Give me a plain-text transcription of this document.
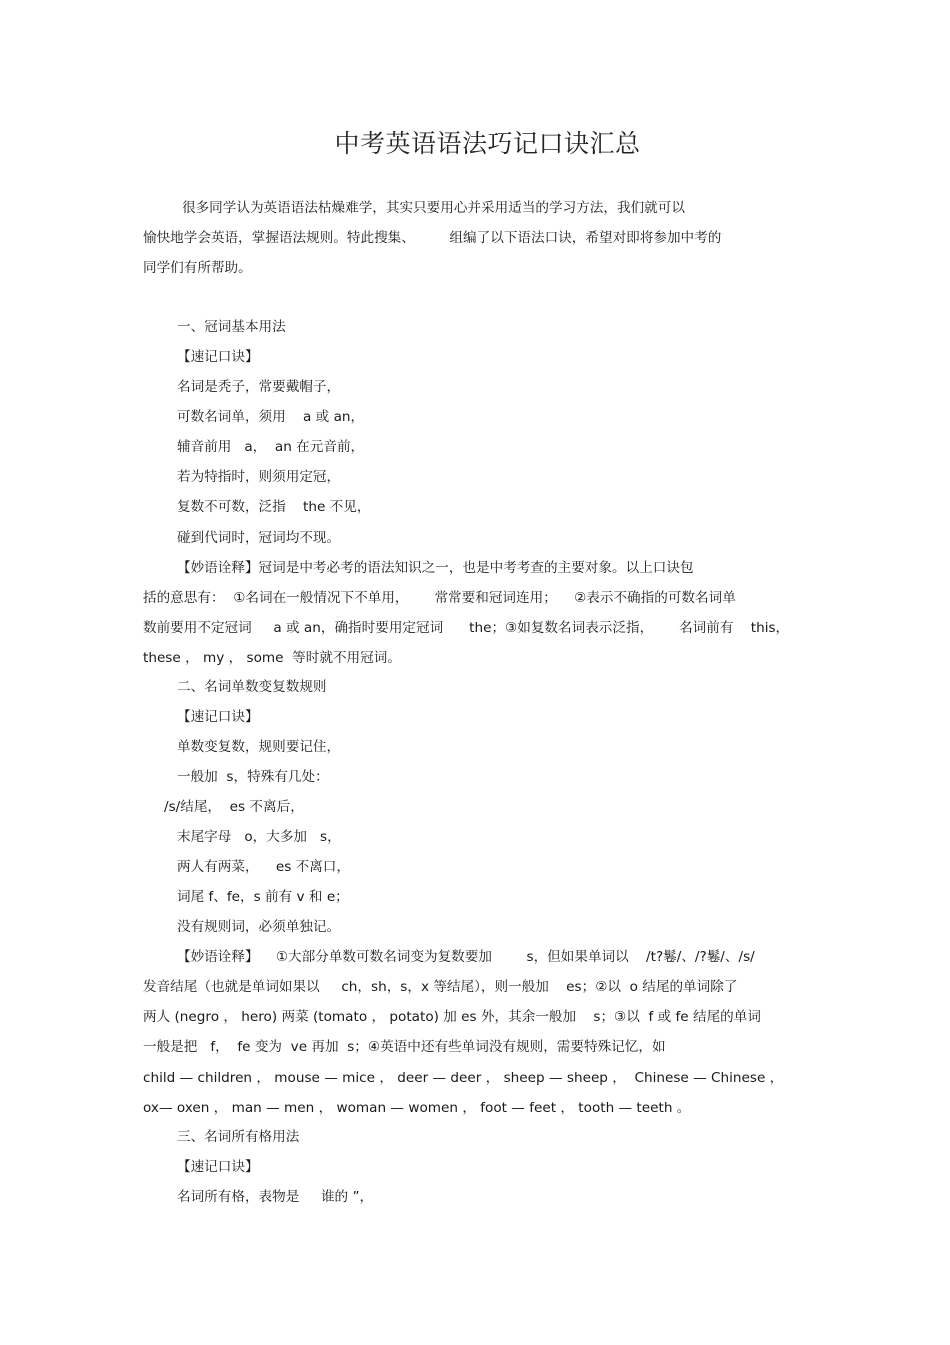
中考英语语法巧记口诀汇总
很多同学认为英语语法枯燥难学，其实只要用心并采用适当的学习方法，我们就可以
愉快地学会英语，掌握语法规则。特此搜集、        组编了以下语法口诀，希望对即将参加中考的
同学们有所帮助。
一、冠词基本用法
【速记口诀】
名词是秃子，常要戴帽子，
可数名词单，须用    a 或 an，
辅音前用   a，  an 在元音前，
若为特指时，则须用定冠，
复数不可数，泛指    the 不见，
碰到代词时，冠词均不现。
【妙语诠释】冠词是中考必考的语法知识之一，也是中考考查的主要对象。以上口诀包
括的意思有：  ①名词在一般情况下不单用，      常常要和冠词连用；    ②表示不确指的可数名词单
数前要用不定冠词     a 或 an，确指时要用定冠词      the；③如复数名词表示泛指，      名词前有    this，
these ， my ， some  等时就不用冠词。
二、名词单数变复数规则
【速记口诀】
单数变复数，规则要记住，
一般加  s，特殊有几处：
/s/结尾，  es 不离后，
末尾字母   o，大多加   s，
两人有两菜，    es 不离口，
词尾 f、fe，s 前有 v 和 e；
没有规则词，必须单独记。
【妙语诠释】    ①大部分单数可数名词变为复数要加        s，但如果单词以    /t?鬈/、/?鬈/、/s/
发音结尾（也就是单词如果以     ch，sh，s，x 等结尾），则一般加    es；②以  o 结尾的单词除了
两人 (negro ， hero) 两菜 (tomato ， potato) 加 es 外，其余一般加    s；③以  f 或 fe 结尾的单词
一般是把   f，  fe 变为  ve 再加  s；④英语中还有些单词没有规则，需要特殊记忆，如
child — children ， mouse — mice ， deer — deer ， sheep — sheep ，  Chinese — Chinese ，
ox— oxen ， man — men ， woman — women ， foot — feet ， tooth — teeth 。
三、名词所有格用法
【速记口诀】
名词所有格，表物是     谁的 ”，
